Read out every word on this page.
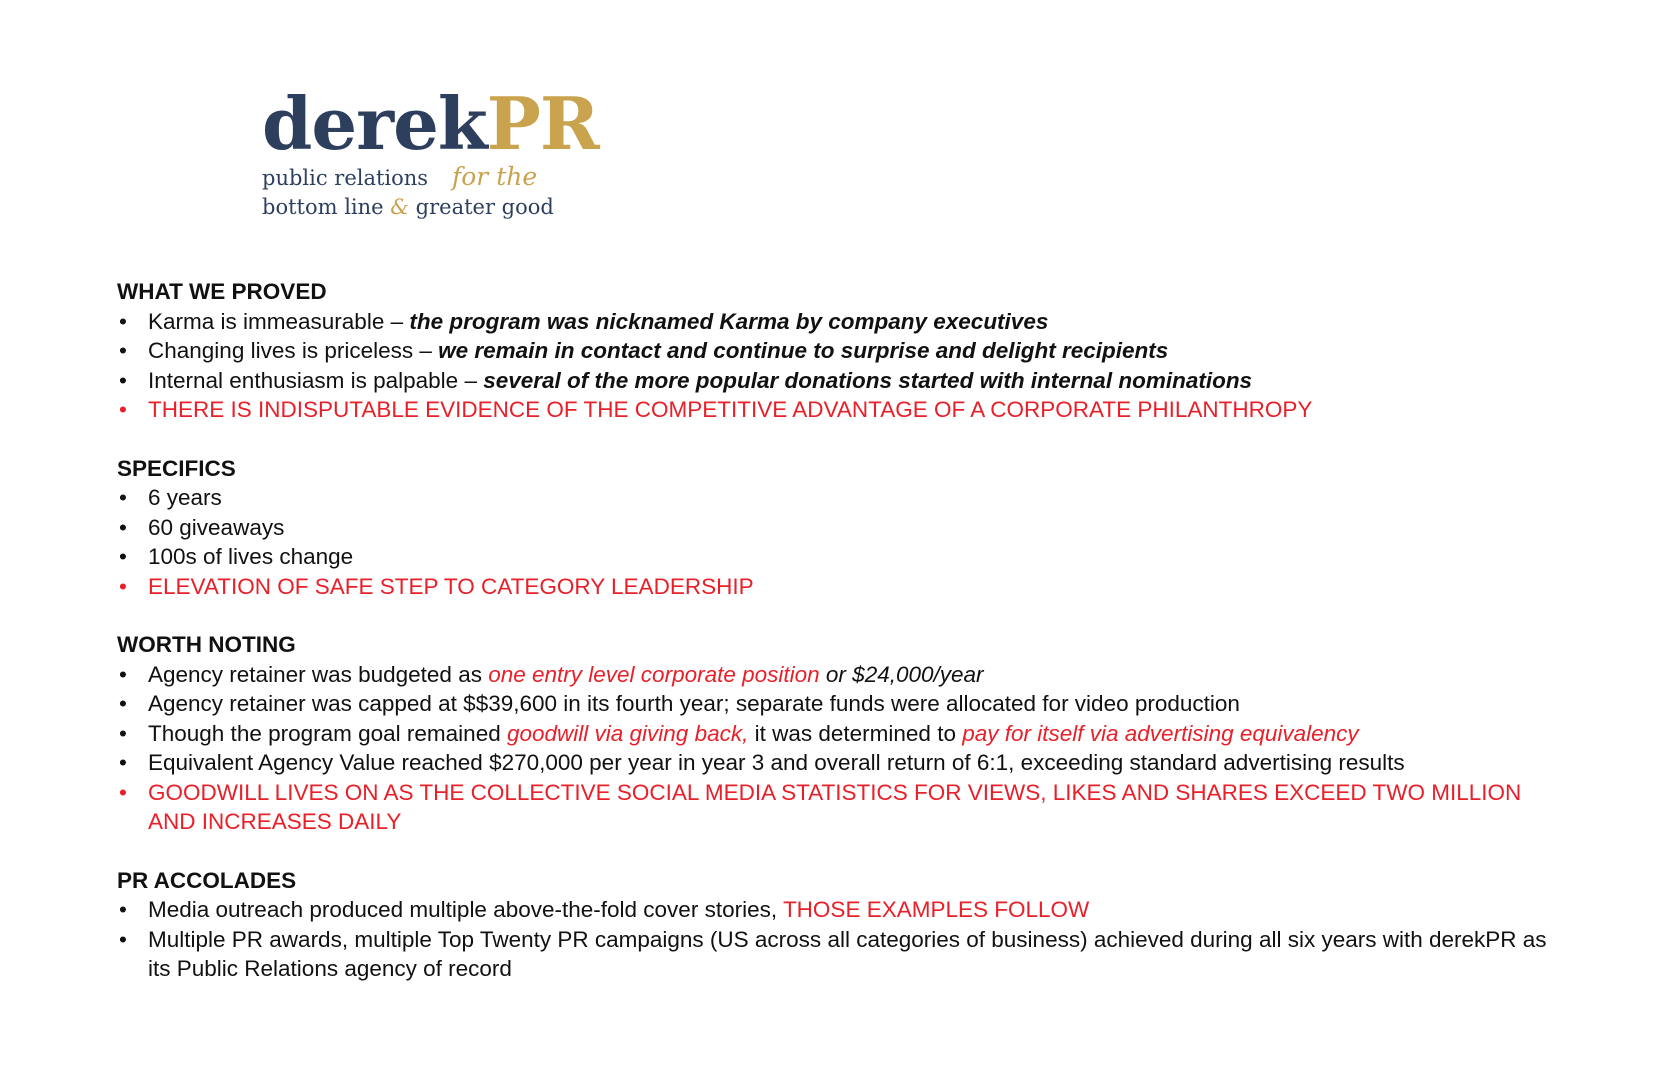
derekPR
public relations for the
bottom line & greater good
WHAT WE PROVED
• Karma is immeasurable – the program was nicknamed Karma by company executives
• Changing lives is priceless – we remain in contact and continue to surprise and delight recipients
• Internal enthusiasm is palpable – several of the more popular donations started with internal nominations
• THERE IS INDISPUTABLE EVIDENCE OF THE COMPETITIVE ADVANTAGE OF A CORPORATE PHILANTHROPY
SPECIFICS
• 6 years
• 60 giveaways
• 100s of lives change
• ELEVATION OF SAFE STEP TO CATEGORY LEADERSHIP
WORTH NOTING
• Agency retainer was budgeted as one entry level corporate position or $24,000/year
• Agency retainer was capped at $$39,600 in its fourth year; separate funds were allocated for video production
• Though the program goal remained goodwill via giving back, it was determined to pay for itself via advertising equivalency
• Equivalent Agency Value reached $270,000 per year in year 3 and overall return of 6:1, exceeding standard advertising results
• GOODWILL LIVES ON AS THE COLLECTIVE SOCIAL MEDIA STATISTICS FOR VIEWS, LIKES AND SHARES EXCEED TWO MILLION AND INCREASES DAILY
PR ACCOLADES
• Media outreach produced multiple above-the-fold cover stories, THOSE EXAMPLES FOLLOW
• Multiple PR awards, multiple Top Twenty PR campaigns (US across all categories of business) achieved during all six years with derekPR as its Public Relations agency of record
